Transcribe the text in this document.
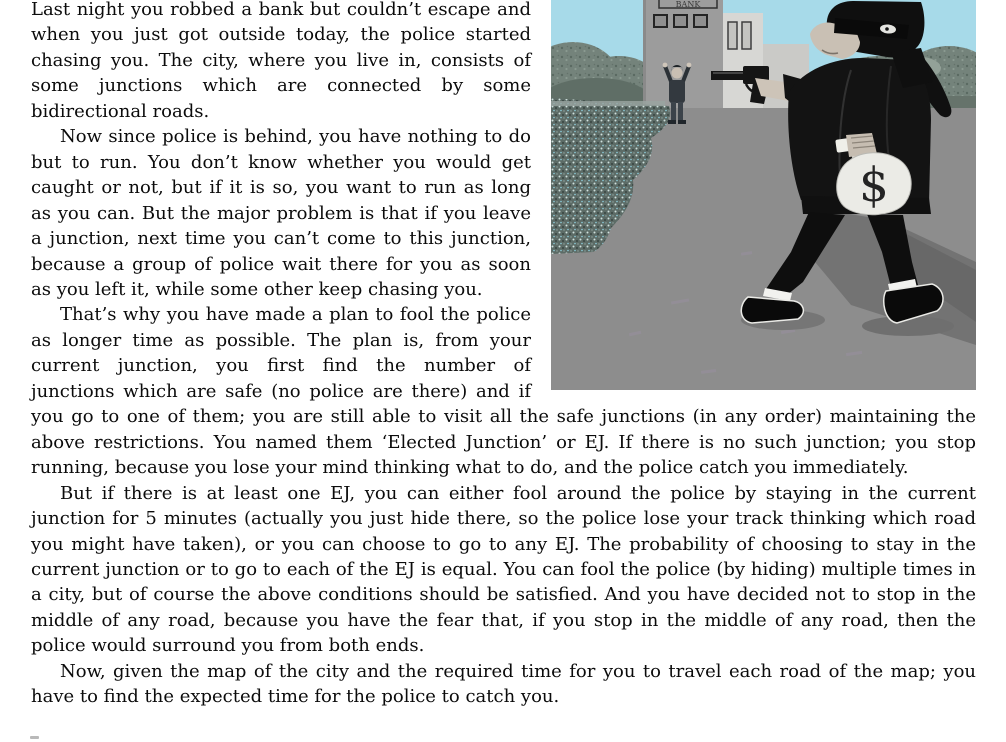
BANK
$

Last night you robbed a bank but couldn’t escape and when you just got outside today, the police started chasing you. The city, where you live in, consists of some junctions which are connected by some bidirectional roads.

Now since police is behind, you have nothing to do but to run. You don’t know whether you would get caught or not, but if it is so, you want to run as long as you can. But the major problem is that if you leave a junction, next time you can’t come to this junction, because a group of police wait there for you as soon as you left it, while some other keep chasing you.

That’s why you have made a plan to fool the police as longer time as possible. The plan is, from your current junction, you first find the number of junctions which are safe (no police are there) and if you go to one of them; you are still able to visit all the safe junctions (in any order) maintaining the above restrictions. You named them ‘Elected Junction’ or EJ. If there is no such junction; you stop running, because you lose your mind thinking what to do, and the police catch you immediately.

But if there is at least one EJ, you can either fool around the police by staying in the current junction for 5 minutes (actually you just hide there, so the police lose your track thinking which road you might have taken), or you can choose to go to any EJ. The probability of choosing to stay in the current junction or to go to each of the EJ is equal. You can fool the police (by hiding) multiple times in a city, but of course the above conditions should be satisfied. And you have decided not to stop in the middle of any road, because you have the fear that, if you stop in the middle of any road, then the police would surround you from both ends.

Now, given the map of the city and the required time for you to travel each road of the map; you have to find the expected time for the police to catch you.
